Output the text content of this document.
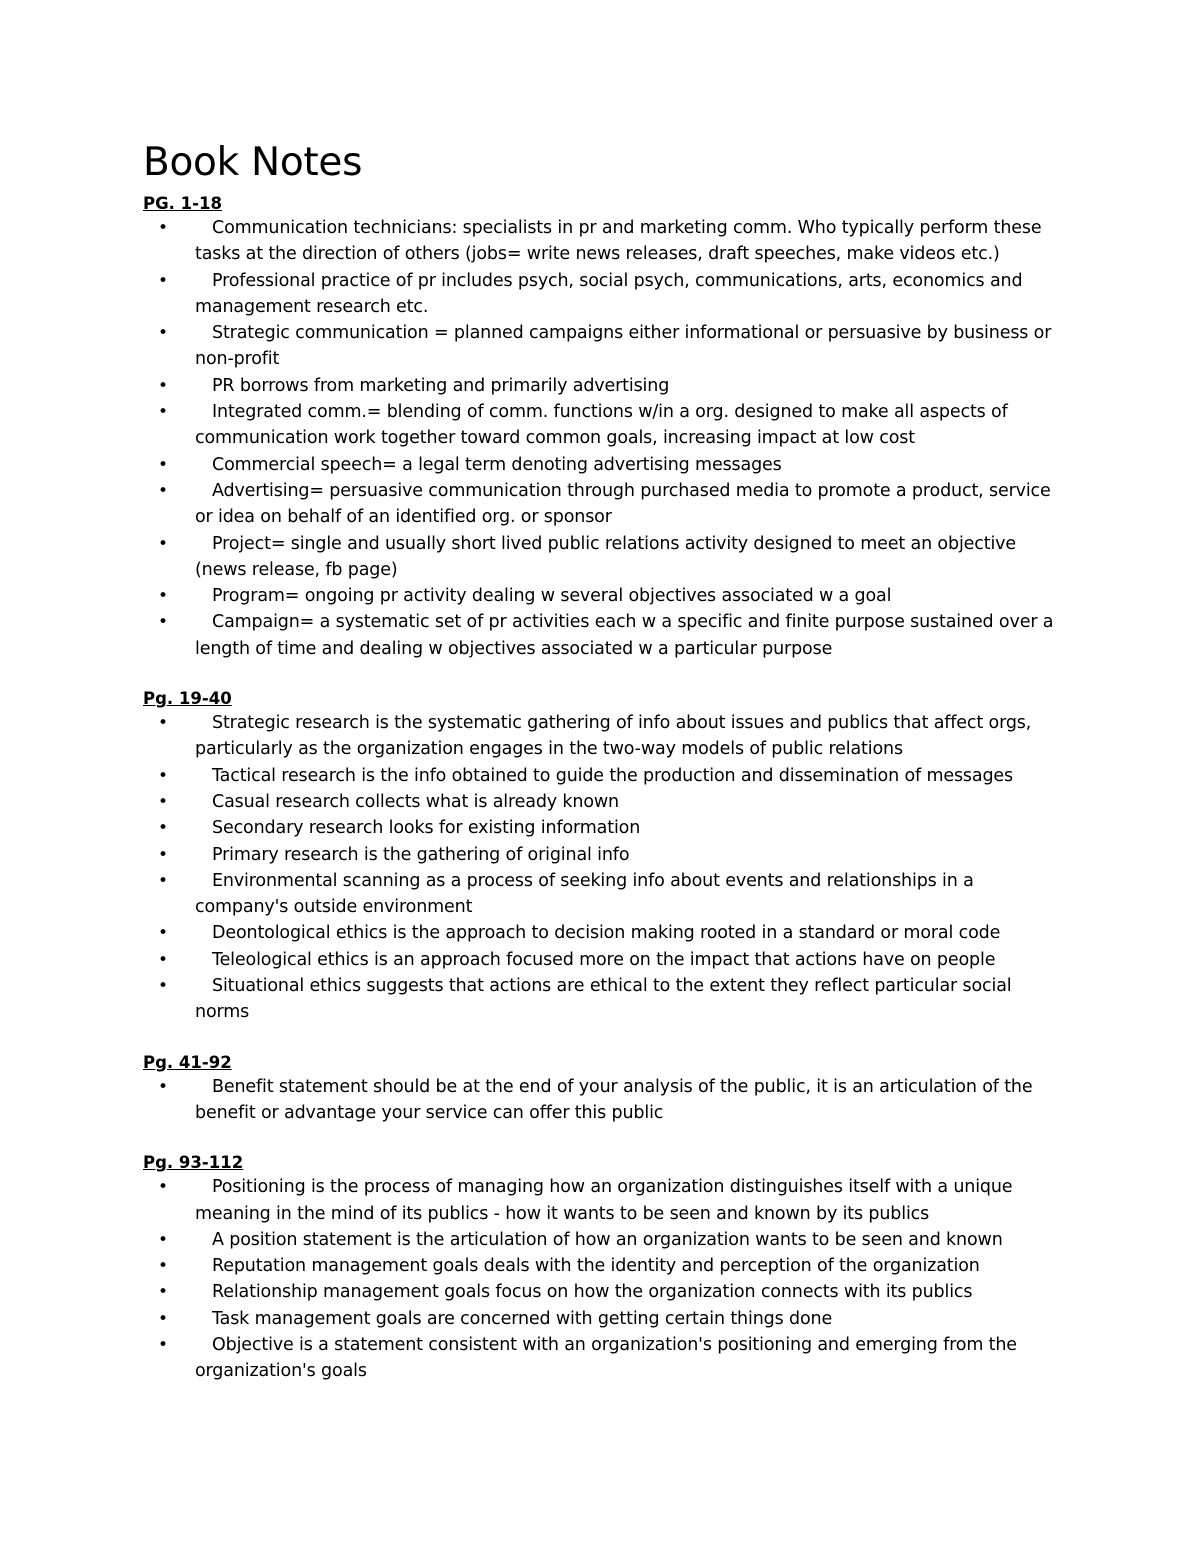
Book Notes

PG. 1-18

•	Communication technicians: specialists in pr and marketing comm. Who typically perform these tasks at the direction of others (jobs= write news releases, draft speeches, make videos etc.)
•	Professional practice of pr includes psych, social psych, communications, arts, economics and management research etc.
•	Strategic communication = planned campaigns either informational or persuasive by business or non-profit
•	PR borrows from marketing and primarily advertising
•	Integrated comm.= blending of comm. functions w/in a org. designed to make all aspects of communication work together toward common goals, increasing impact at low cost
•	Commercial speech= a legal term denoting advertising messages
•	Advertising= persuasive communication through purchased media to promote a product, service or idea on behalf of an identified org. or sponsor
•	Project= single and usually short lived public relations activity designed to meet an objective (news release, fb page)
•	Program= ongoing pr activity dealing w several objectives associated w a goal
•	Campaign= a systematic set of pr activities each w a specific and finite purpose sustained over a length of time and dealing w objectives associated w a particular purpose

Pg. 19-40

•	Strategic research is the systematic gathering of info about issues and publics that affect orgs, particularly as the organization engages in the two-way models of public relations
•	Tactical research is the info obtained to guide the production and dissemination of messages
•	Casual research collects what is already known
•	Secondary research looks for existing information
•	Primary research is the gathering of original info
•	Environmental scanning as a process of seeking info about events and relationships in a company's outside environment
•	Deontological ethics is the approach to decision making rooted in a standard or moral code
•	Teleological ethics is an approach focused more on the impact that actions have on people
•	Situational ethics suggests that actions are ethical to the extent they reflect particular social norms

Pg. 41-92

•	Benefit statement should be at the end of your analysis of the public, it is an articulation of the benefit or advantage your service can offer this public

Pg. 93-112

•	Positioning is the process of managing how an organization distinguishes itself with a unique meaning in the mind of its publics - how it wants to be seen and known by its publics
•	A position statement is the articulation of how an organization wants to be seen and known
•	Reputation management goals deals with the identity and perception of the organization
•	Relationship management goals focus on how the organization connects with its publics
•	Task management goals are concerned with getting certain things done
•	Objective is a statement consistent with an organization's positioning and emerging from the organization's goals
